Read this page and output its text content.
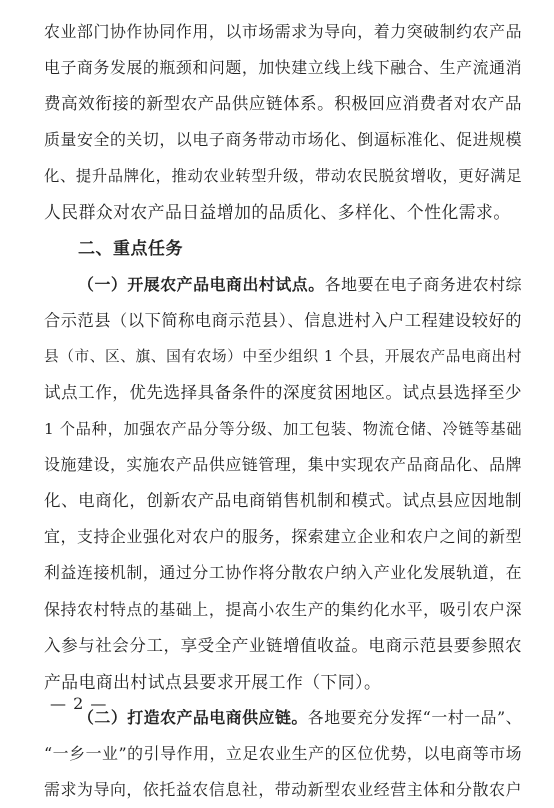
农业部门协作协同作用，以市场需求为导向，着力突破制约农产品
电子商务发展的瓶颈和问题，加快建立线上线下融合、生产流通消
费高效衔接的新型农产品供应链体系。积极回应消费者对农产品
质量安全的关切，以电子商务带动市场化、倒逼标准化、促进规模
化、提升品牌化，推动农业转型升级，带动农民脱贫增收，更好满足
人民群众对农产品日益增加的品质化、多样化、个性化需求。
二、重点任务
（一）开展农产品电商出村试点。各地要在电子商务进农村综
合示范县（以下简称电商示范县）、信息进村入户工程建设较好的
县（市、区、旗、国有农场）中至少组织 1 个县，开展农产品电商出村
试点工作，优先选择具备条件的深度贫困地区。试点县选择至少
1 个品种，加强农产品分等分级、加工包装、物流仓储、冷链等基础
设施建设，实施农产品供应链管理，集中实现农产品商品化、品牌
化、电商化，创新农产品电商销售机制和模式。试点县应因地制
宜，支持企业强化对农户的服务，探索建立企业和农户之间的新型
利益连接机制，通过分工协作将分散农户纳入产业化发展轨道，在
保持农村特点的基础上，提高小农生产的集约化水平，吸引农户深
入参与社会分工，享受全产业链增值收益。电商示范县要参照农
产品电商出村试点县要求开展工作（下同）。
（二）打造农产品电商供应链。各地要充分发挥“一村一品”、
“一乡一业”的引导作用，立足农业生产的区位优势，以电商等市场
需求为导向，依托益农信息社，带动新型农业经营主体和分散农户
— 2 —
